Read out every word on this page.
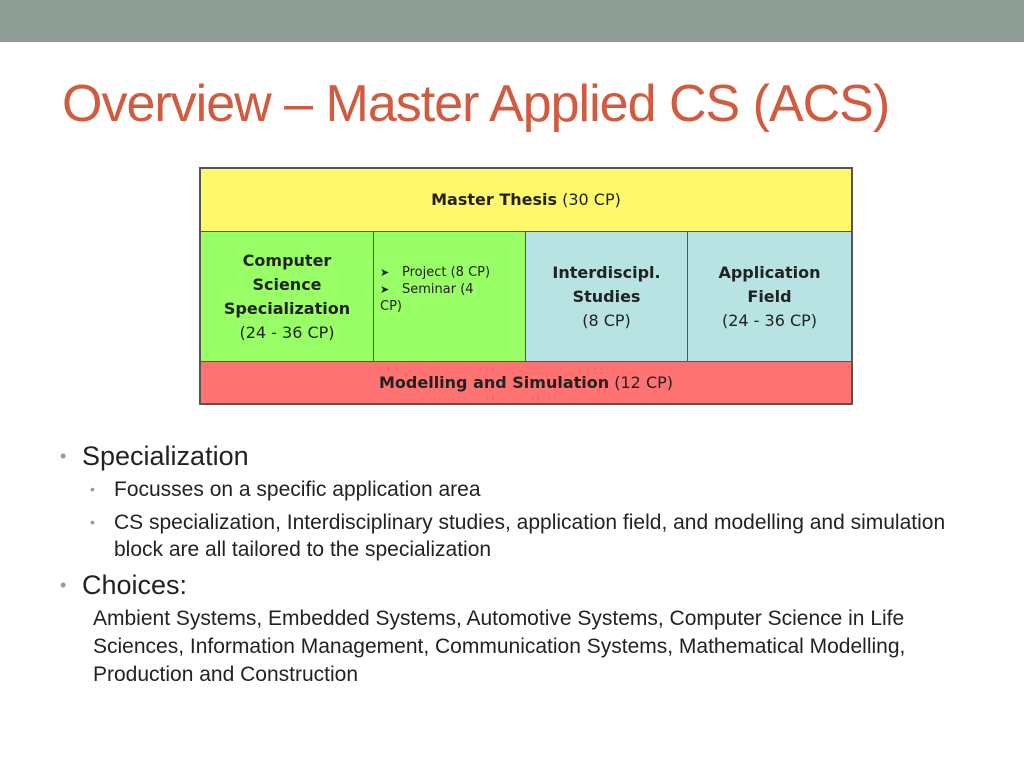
Overview – Master Applied CS (ACS)
Master Thesis
(30 CP)
Computer
Science
Specialization
(24 - 36 CP)
➤ Project (8 CP)
➤ Seminar (4
CP)
Interdiscipl.
Studies
(8 CP)
Application
Field
(24 - 36 CP)
Modelling and Simulation
(12 CP)
• Specialization
• Focusses on a specific application area
• CS specialization, Interdisciplinary studies, application field, and modelling and simulation block are all tailored to the specialization
• Choices:
Ambient Systems, Embedded Systems, Automotive Systems, Computer Science in Life Sciences, Information Management, Communication Systems, Mathematical Modelling, Production and Construction
